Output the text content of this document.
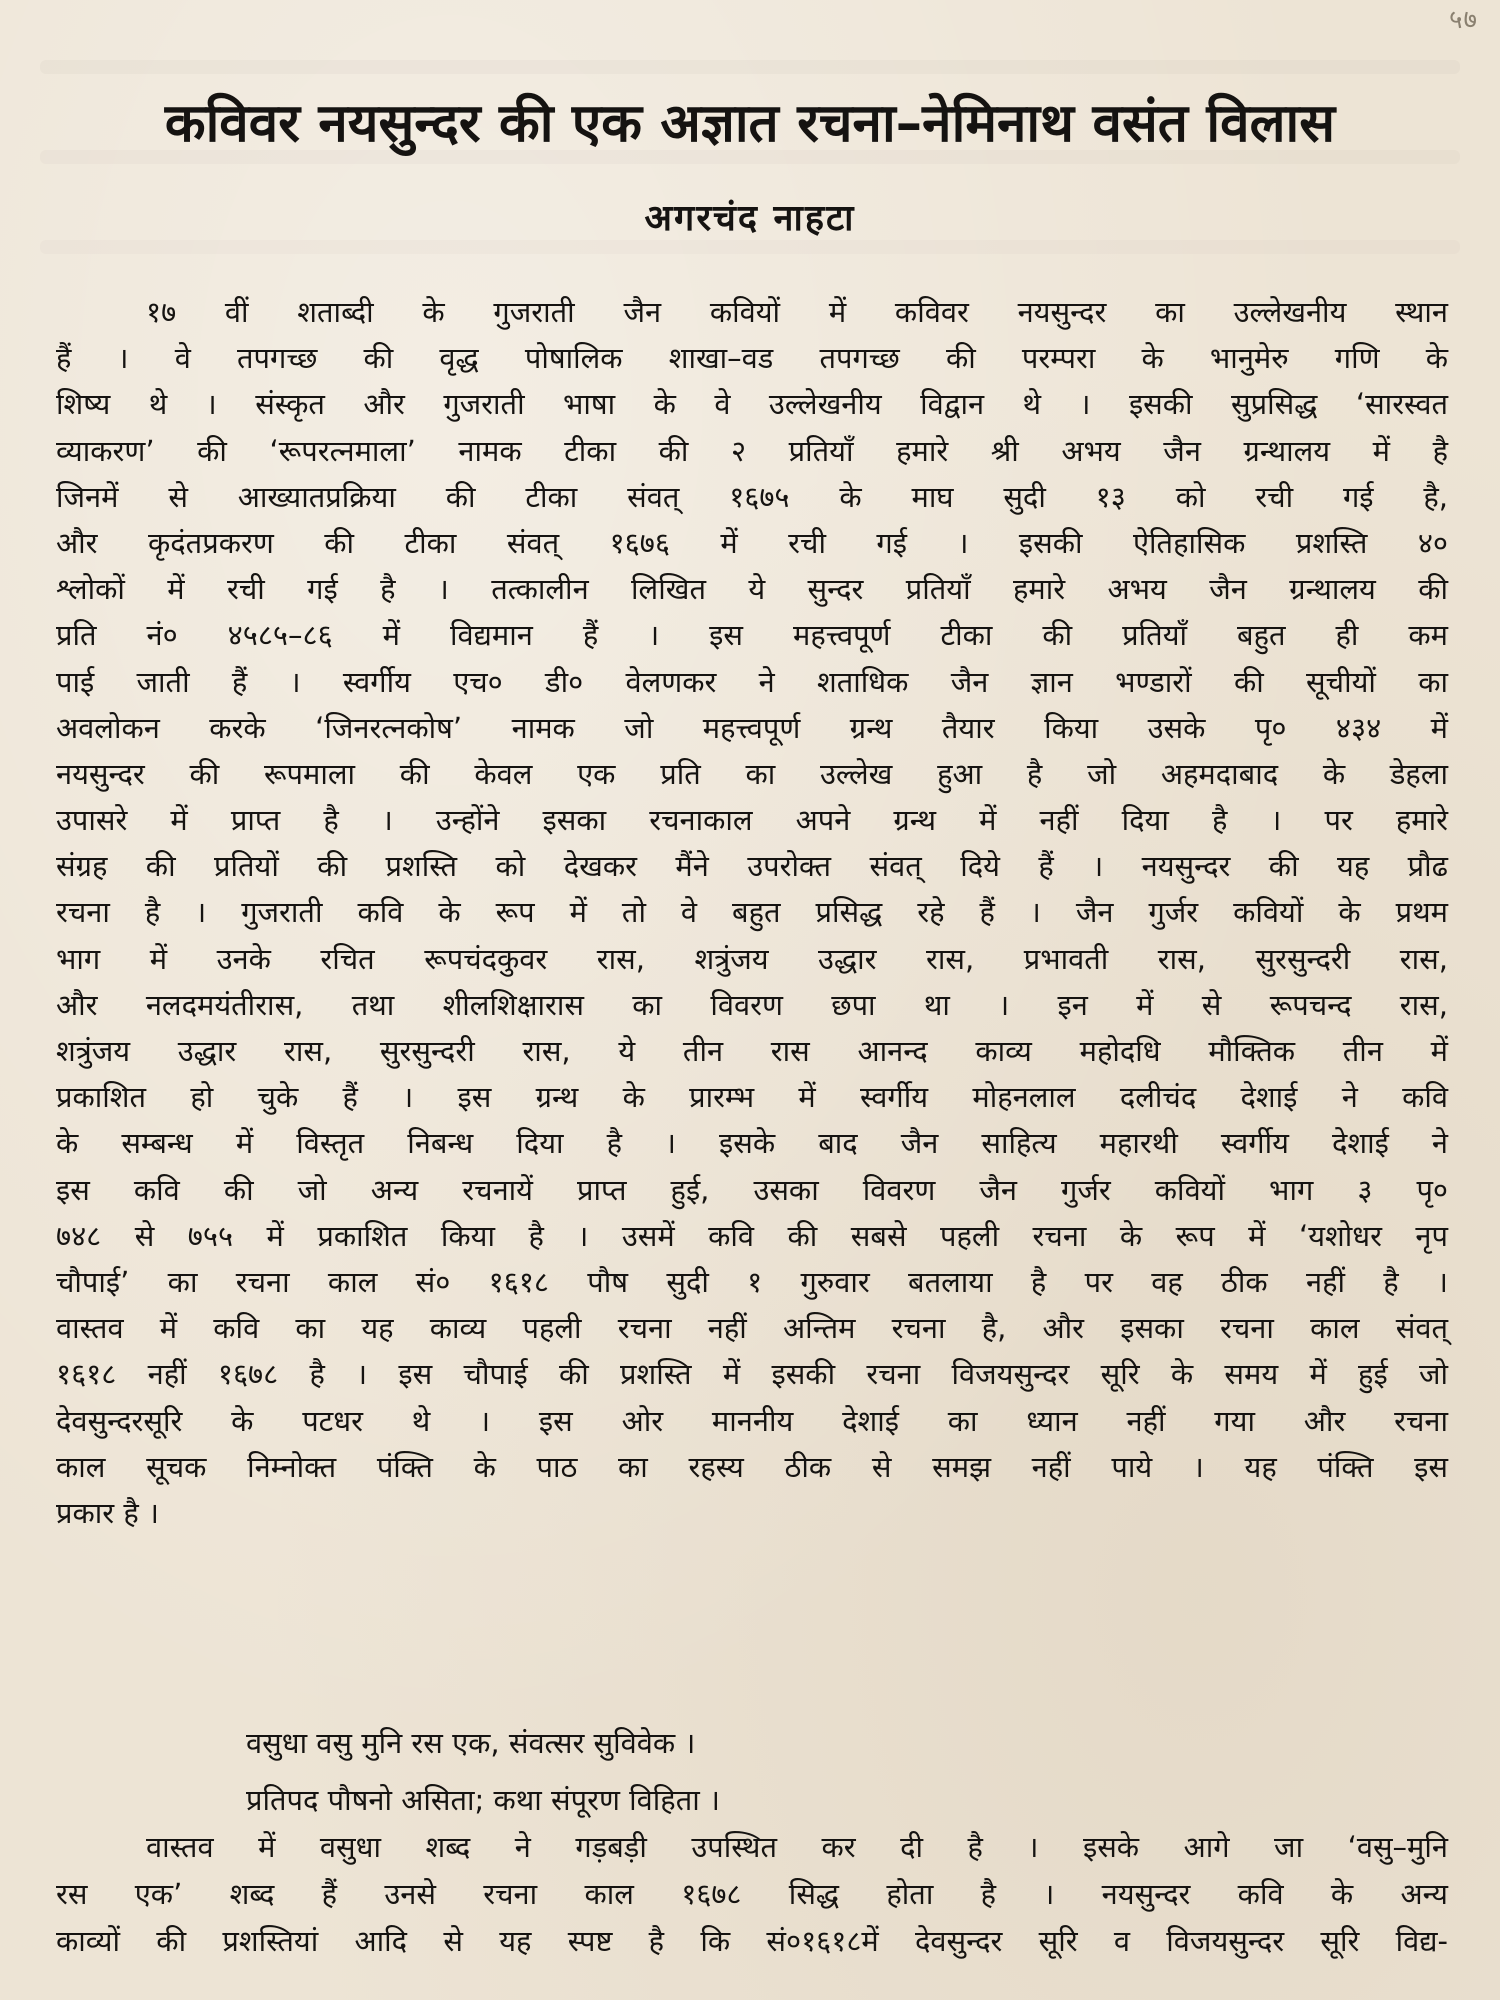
५७
कविवर नयसुन्दर की एक अज्ञात रचना–नेमिनाथ वसंत विलास
अगरचंद नाहटा
१७ वीं शताब्दी के गुजराती जैन कवियों में कविवर नयसुन्दर का उल्लेखनीय स्थान
हैं । वे तपगच्छ की वृद्ध पोषालिक शाखा–वड तपगच्छ की परम्परा के भानुमेरु गणि के
शिष्य थे । संस्कृत और गुजराती भाषा के वे उल्लेखनीय विद्वान थे । इसकी सुप्रसिद्ध ‘सारस्वत
व्याकरण’ की ‘रूपरत्नमाला’ नामक टीका की २ प्रतियाँ हमारे श्री अभय जैन ग्रन्थालय में है
जिनमें से आख्यातप्रक्रिया की टीका संवत् १६७५ के माघ सुदी १३ को रची गई है,
और कृदंतप्रकरण की टीका संवत् १६७६ में रची गई । इसकी ऐतिहासिक प्रशस्ति ४०
श्लोकों में रची गई है । तत्कालीन लिखित ये सुन्दर प्रतियाँ हमारे अभय जैन ग्रन्थालय की
प्रति नं० ४५८५–८६ में विद्यमान हैं । इस महत्त्वपूर्ण टीका की प्रतियाँ बहुत ही कम
पाई जाती हैं । स्वर्गीय एच० डी० वेलणकर ने शताधिक जैन ज्ञान भण्डारों की सूचीयों का
अवलोकन करके ‘जिनरत्नकोष’ नामक जो महत्त्वपूर्ण ग्रन्थ तैयार किया उसके पृ० ४३४ में
नयसुन्दर की रूपमाला की केवल एक प्रति का उल्लेख हुआ है जो अहमदाबाद के डेहला
उपासरे में प्राप्त है । उन्होंने इसका रचनाकाल अपने ग्रन्थ में नहीं दिया है । पर हमारे
संग्रह की प्रतियों की प्रशस्ति को देखकर मैंने उपरोक्त संवत् दिये हैं । नयसुन्दर की यह प्रौढ
रचना है । गुजराती कवि के रूप में तो वे बहुत प्रसिद्ध रहे हैं । जैन गुर्जर कवियों के प्रथम
भाग में उनके रचित रूपचंदकुवर रास, शत्रुंजय उद्धार रास, प्रभावती रास, सुरसुन्दरी रास,
और नलदमयंतीरास, तथा शीलशिक्षारास का विवरण छपा था । इन में से रूपचन्द रास,
शत्रुंजय उद्धार रास, सुरसुन्दरी रास, ये तीन रास आनन्द काव्य महोदधि मौक्तिक तीन में
प्रकाशित हो चुके हैं । इस ग्रन्थ के प्रारम्भ में स्वर्गीय मोहनलाल दलीचंद देशाई ने कवि
के सम्बन्ध में विस्तृत निबन्ध दिया है । इसके बाद जैन साहित्य महारथी स्वर्गीय देशाई ने
इस कवि की जो अन्य रचनायें प्राप्त हुई, उसका विवरण जैन गुर्जर कवियों भाग ३ पृ०
७४८ से ७५५ में प्रकाशित किया है । उसमें कवि की सबसे पहली रचना के रूप में ‘यशोधर नृप
चौपाई’ का रचना काल सं० १६१८ पौष सुदी १ गुरुवार बतलाया है पर वह ठीक नहीं है ।
वास्तव में कवि का यह काव्य पहली रचना नहीं अन्तिम रचना है, और इसका रचना काल संवत्
१६१८ नहीं १६७८ है । इस चौपाई की प्रशस्ति में इसकी रचना विजयसुन्दर सूरि के समय में हुई जो
देवसुन्दरसूरि के पटधर थे । इस ओर माननीय देशाई का ध्यान नहीं गया और रचना
काल सूचक निम्नोक्त पंक्ति के पाठ का रहस्य ठीक से समझ नहीं पाये । यह पंक्ति इस
प्रकार है ।
वसुधा वसु मुनि रस एक, संवत्सर सुविवेक ।
प्रतिपद पौषनो असिता; कथा संपूरण विहिता ।
वास्तव में वसुधा शब्द ने गड़बड़ी उपस्थित कर दी है । इसके आगे जा ‘वसु–मुनि
रस एक’ शब्द हैं उनसे रचना काल १६७८ सिद्ध होता है । नयसुन्दर कवि के अन्य
काव्यों की प्रशस्तियां आदि से यह स्पष्ट है कि सं०१६१८में देवसुन्दर सूरि व विजयसुन्दर सूरि विद्य-
